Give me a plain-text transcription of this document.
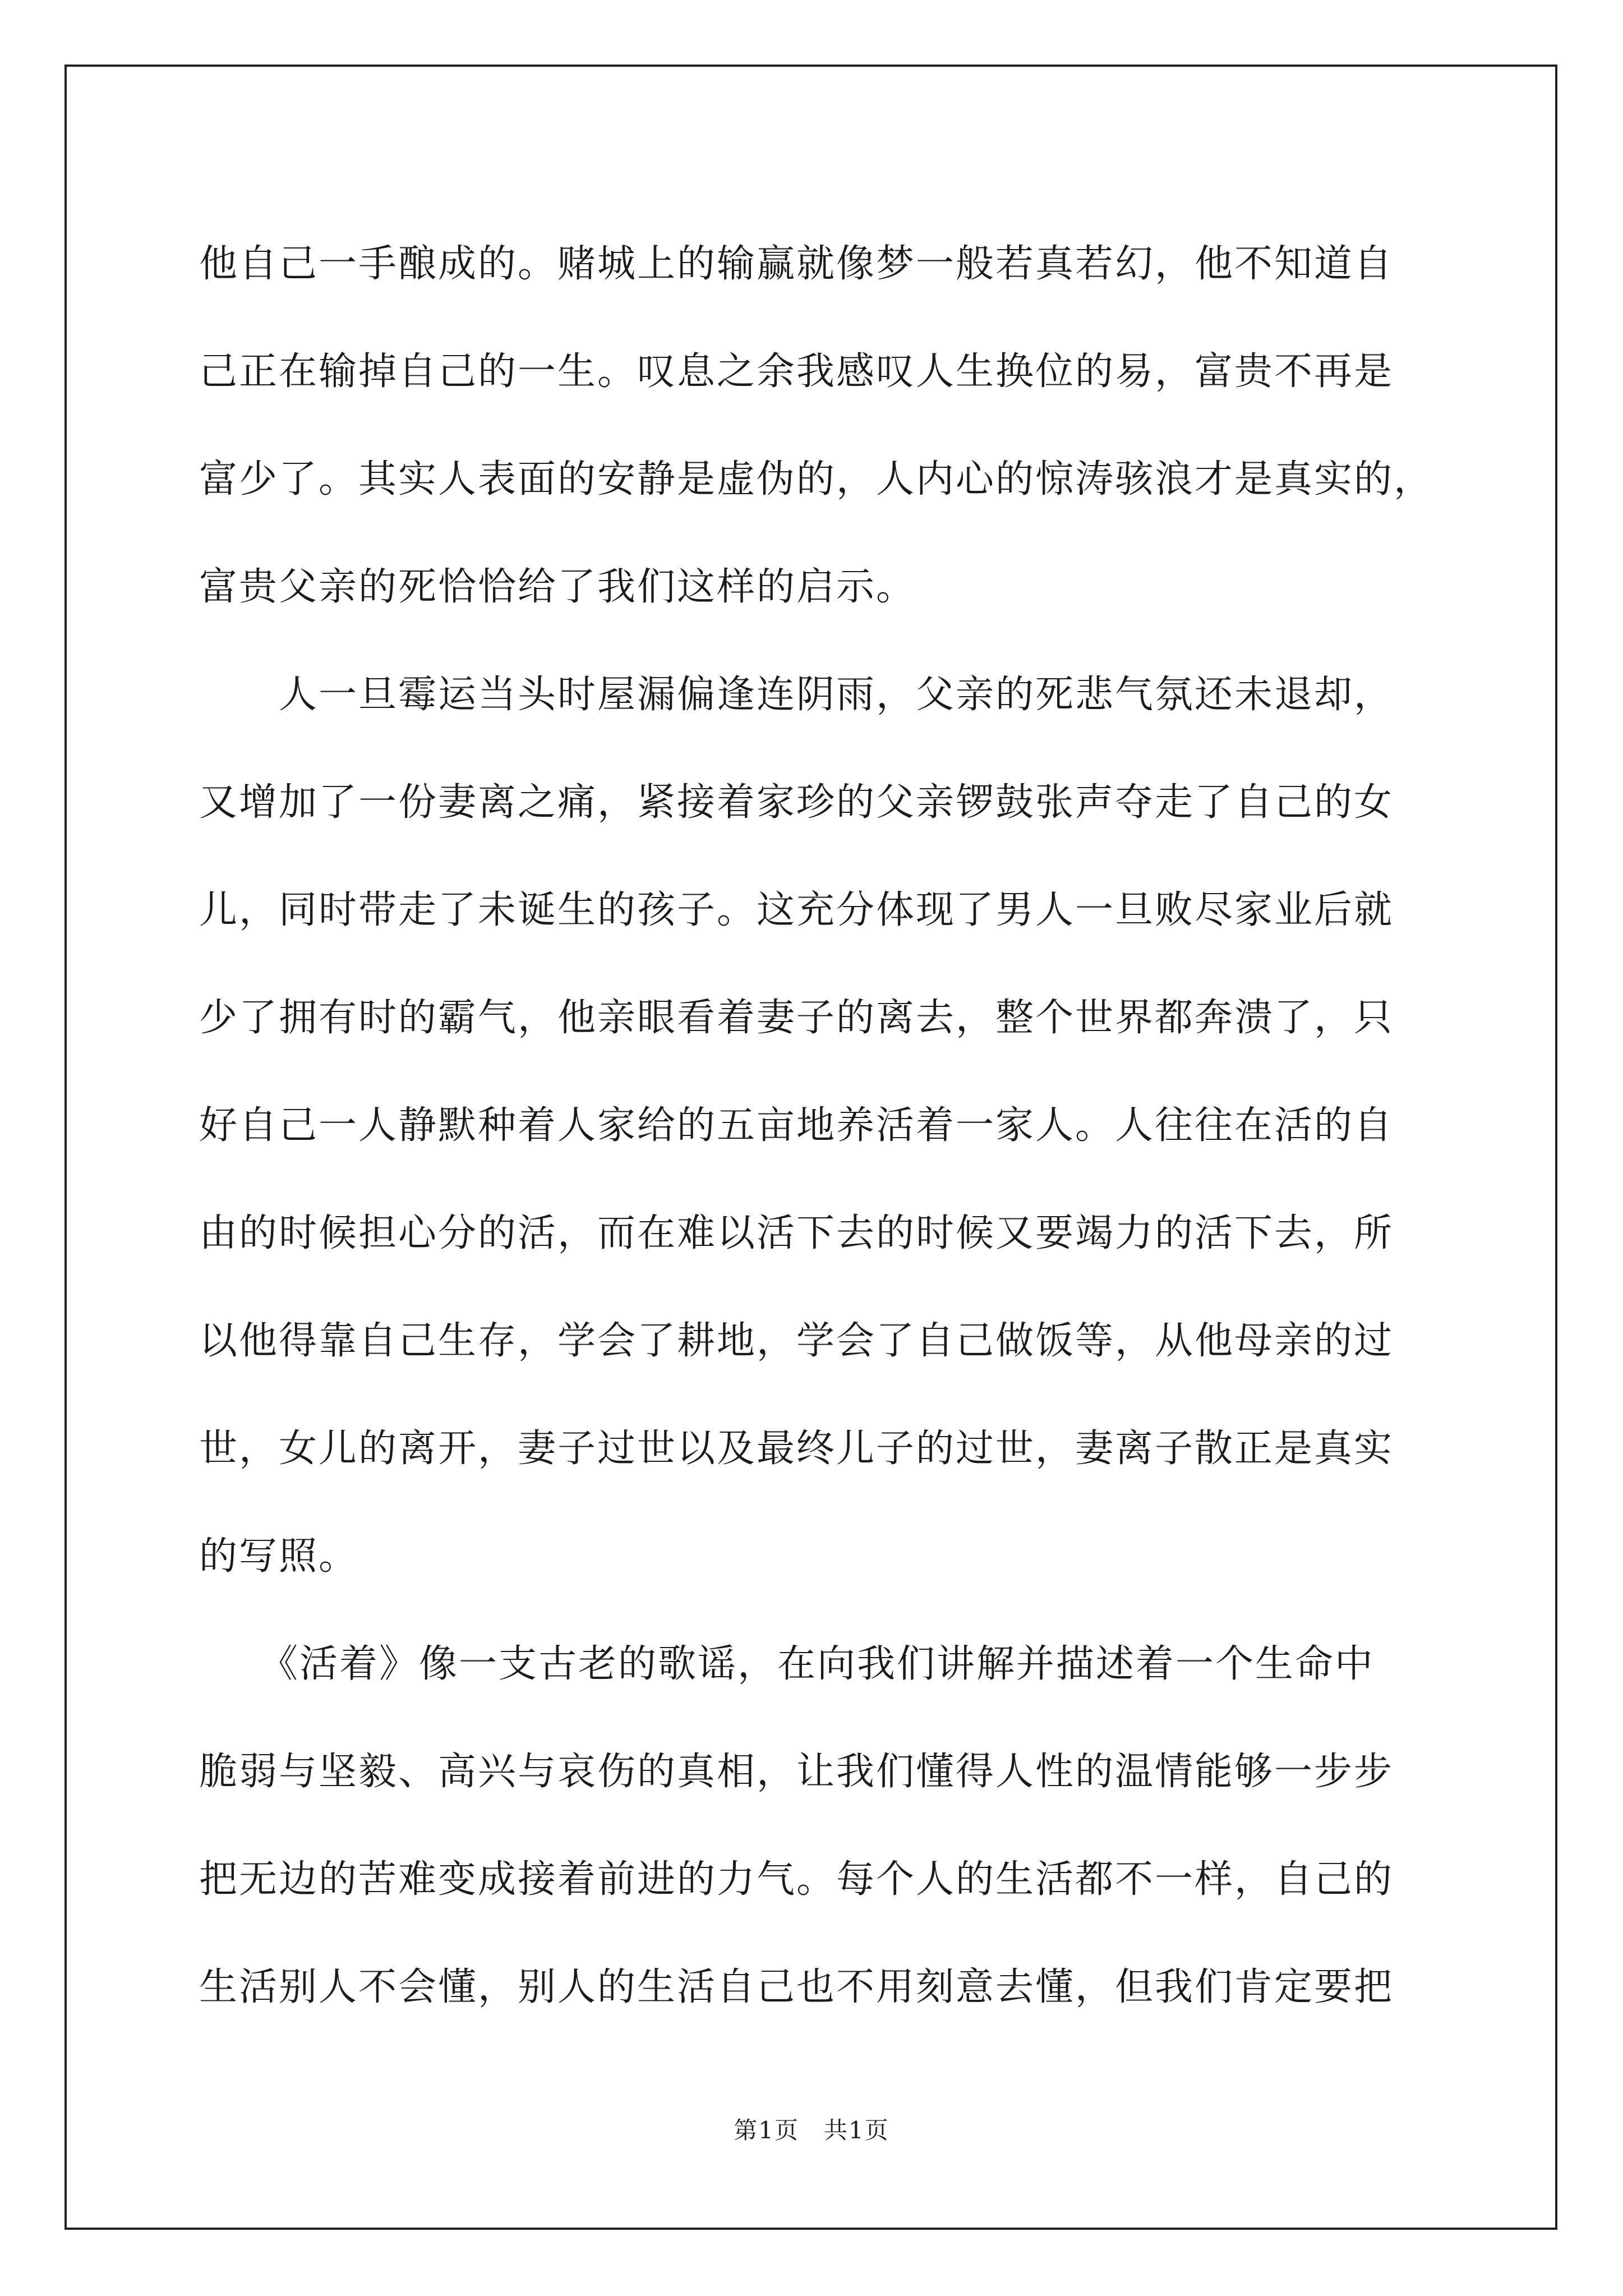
他自己一手酿成的。赌城上的输赢就像梦一般若真若幻，他不知道自
己正在输掉自己的一生。叹息之余我感叹人生换位的易，富贵不再是
富少了。其实人表面的安静是虚伪的，人内心的惊涛骇浪才是真实的，
富贵父亲的死恰恰给了我们这样的启示。
　　人一旦霉运当头时屋漏偏逢连阴雨，父亲的死悲气氛还未退却，
又增加了一份妻离之痛，紧接着家珍的父亲锣鼓张声夺走了自己的女
儿，同时带走了未诞生的孩子。这充分体现了男人一旦败尽家业后就
少了拥有时的霸气，他亲眼看着妻子的离去，整个世界都奔溃了，只
好自己一人静默种着人家给的五亩地养活着一家人。人往往在活的自
由的时候担心分的活，而在难以活下去的时候又要竭力的活下去，所
以他得靠自己生存，学会了耕地，学会了自己做饭等，从他母亲的过
世，女儿的离开，妻子过世以及最终儿子的过世，妻离子散正是真实
的写照。
　　《活着》像一支古老的歌谣，在向我们讲解并描述着一个生命中
脆弱与坚毅、高兴与哀伤的真相，让我们懂得人性的温情能够一步步
把无边的苦难变成接着前进的力气。每个人的生活都不一样，自己的
生活别人不会懂，别人的生活自己也不用刻意去懂，但我们肯定要把
第1页　共1页
